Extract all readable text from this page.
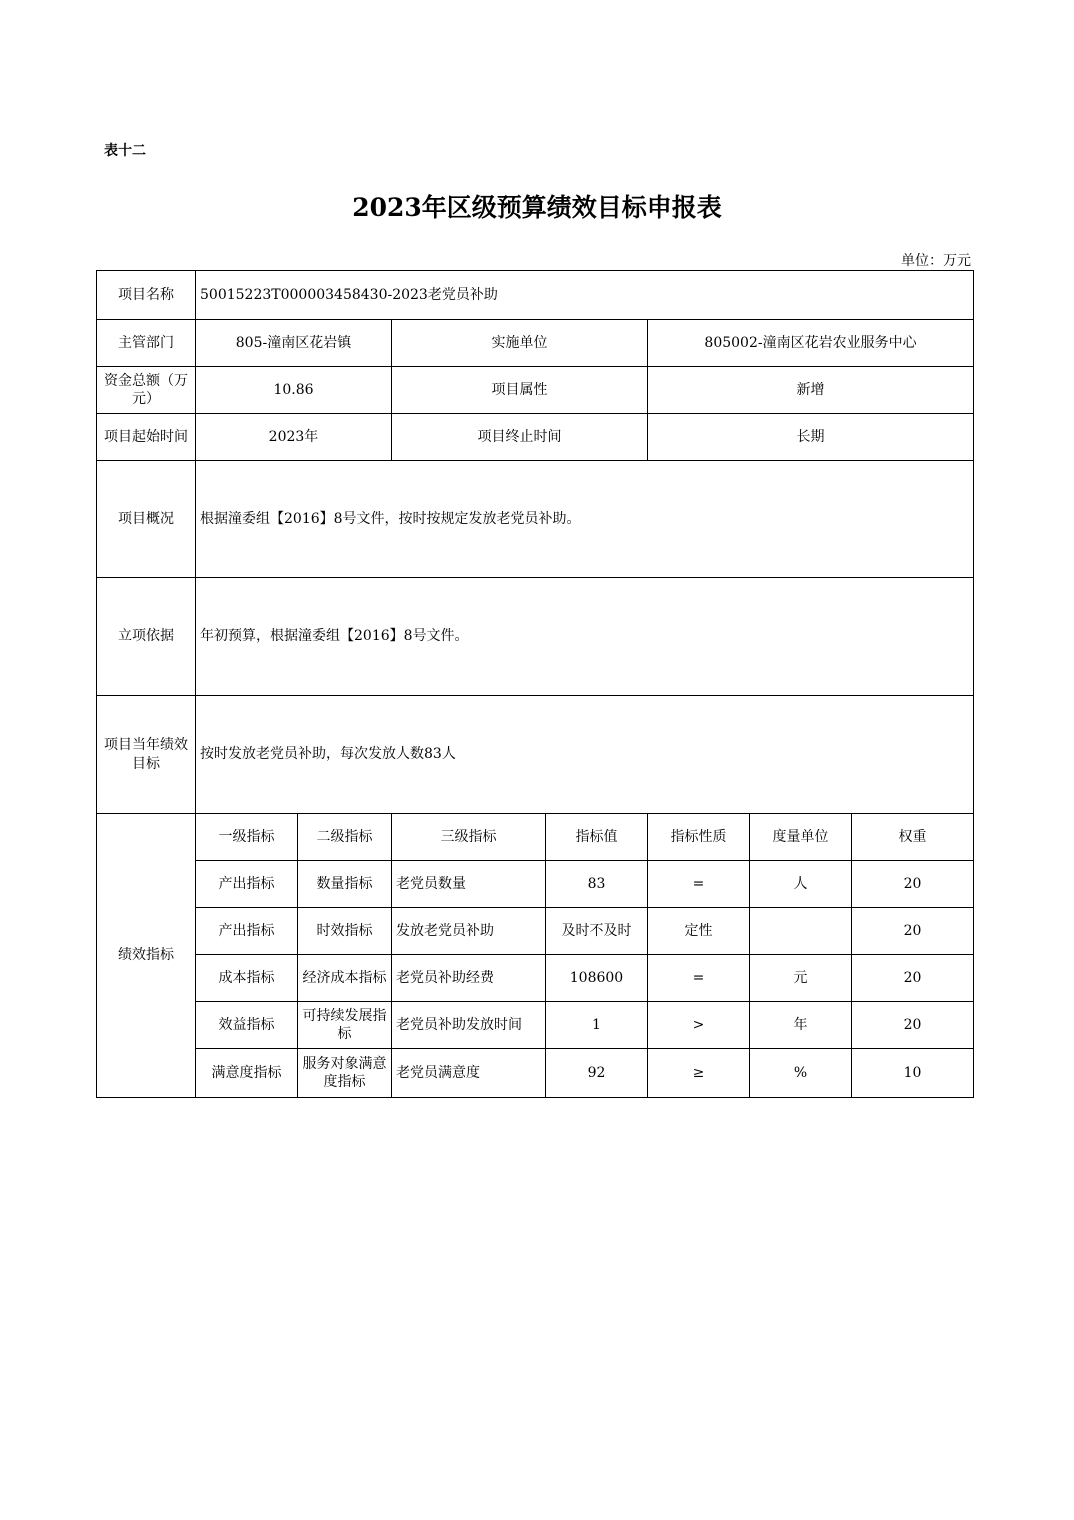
表十二
2023年区级预算绩效目标申报表
单位：万元
项目名称	50015223T000003458430-2023老党员补助						
主管部门	805-潼南区花岩镇		实施单位		805002-潼南区花岩农业服务中心		
资金总额（万元）	10.86		项目属性		新增		
项目起始时间	2023年		项目终止时间		长期		
项目概况	根据潼委组【2016】8号文件，按时按规定发放老党员补助。						
立项依据	年初预算，根据潼委组【2016】8号文件。						
项目当年绩效目标	按时发放老党员补助，每次发放人数83人						
绩效指标	一级指标	二级指标	三级指标	指标值	指标性质	度量单位	权重
	产出指标	数量指标	老党员数量	83	=	人	20
	产出指标	时效指标	发放老党员补助	及时不及时	定性		20
	成本指标	经济成本指标	老党员补助经费	108600	=	元	20
	效益指标	可持续发展指标	老党员补助发放时间	1	>	年	20
	满意度指标	服务对象满意度指标	老党员满意度	92	≥	%	10
